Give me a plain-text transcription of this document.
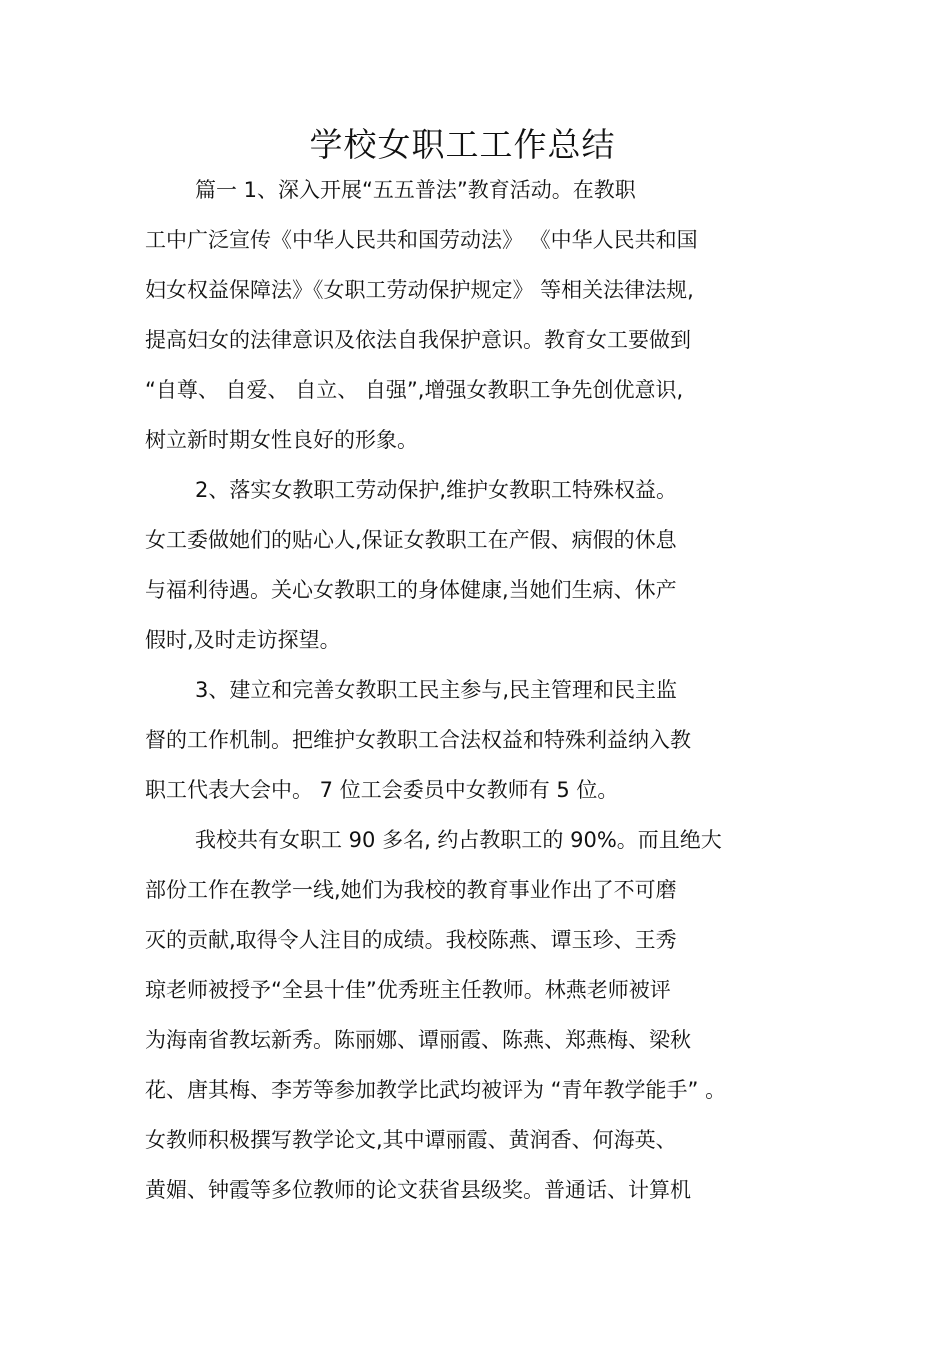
学校女职工工作总结
篇一 1、深入开展“五五普法”教育活动。在教职
工中广泛宣传《中华人民共和国劳动法》 《中华人民共和国
妇女权益保障法》《女职工劳动保护规定》 等相关法律法规,
提高妇女的法律意识及依法自我保护意识。教育女工要做到
“自尊、 自爱、 自立、 自强”,增强女教职工争先创优意识,
树立新时期女性良好的形象。
2、落实女教职工劳动保护,维护女教职工特殊权益。
女工委做她们的贴心人,保证女教职工在产假、病假的休息
与福利待遇。关心女教职工的身体健康,当她们生病、休产
假时,及时走访探望。
3、建立和完善女教职工民主参与,民主管理和民主监
督的工作机制。把维护女教职工合法权益和特殊利益纳入教
职工代表大会中。 7 位工会委员中女教师有 5 位。
我校共有女职工 90 多名, 约占教职工的 90%。而且绝大
部份工作在教学一线,她们为我校的教育事业作出了不可磨
灭的贡献,取得令人注目的成绩。我校陈燕、谭玉珍、王秀
琼老师被授予“全县十佳”优秀班主任教师。林燕老师被评
为海南省教坛新秀。陈丽娜、谭丽霞、陈燕、郑燕梅、梁秋
花、唐其梅、李芳等参加教学比武均被评为 “青年教学能手” 。
女教师积极撰写教学论文,其中谭丽霞、黄润香、何海英、
黄媚、钟霞等多位教师的论文获省县级奖。普通话、计算机
